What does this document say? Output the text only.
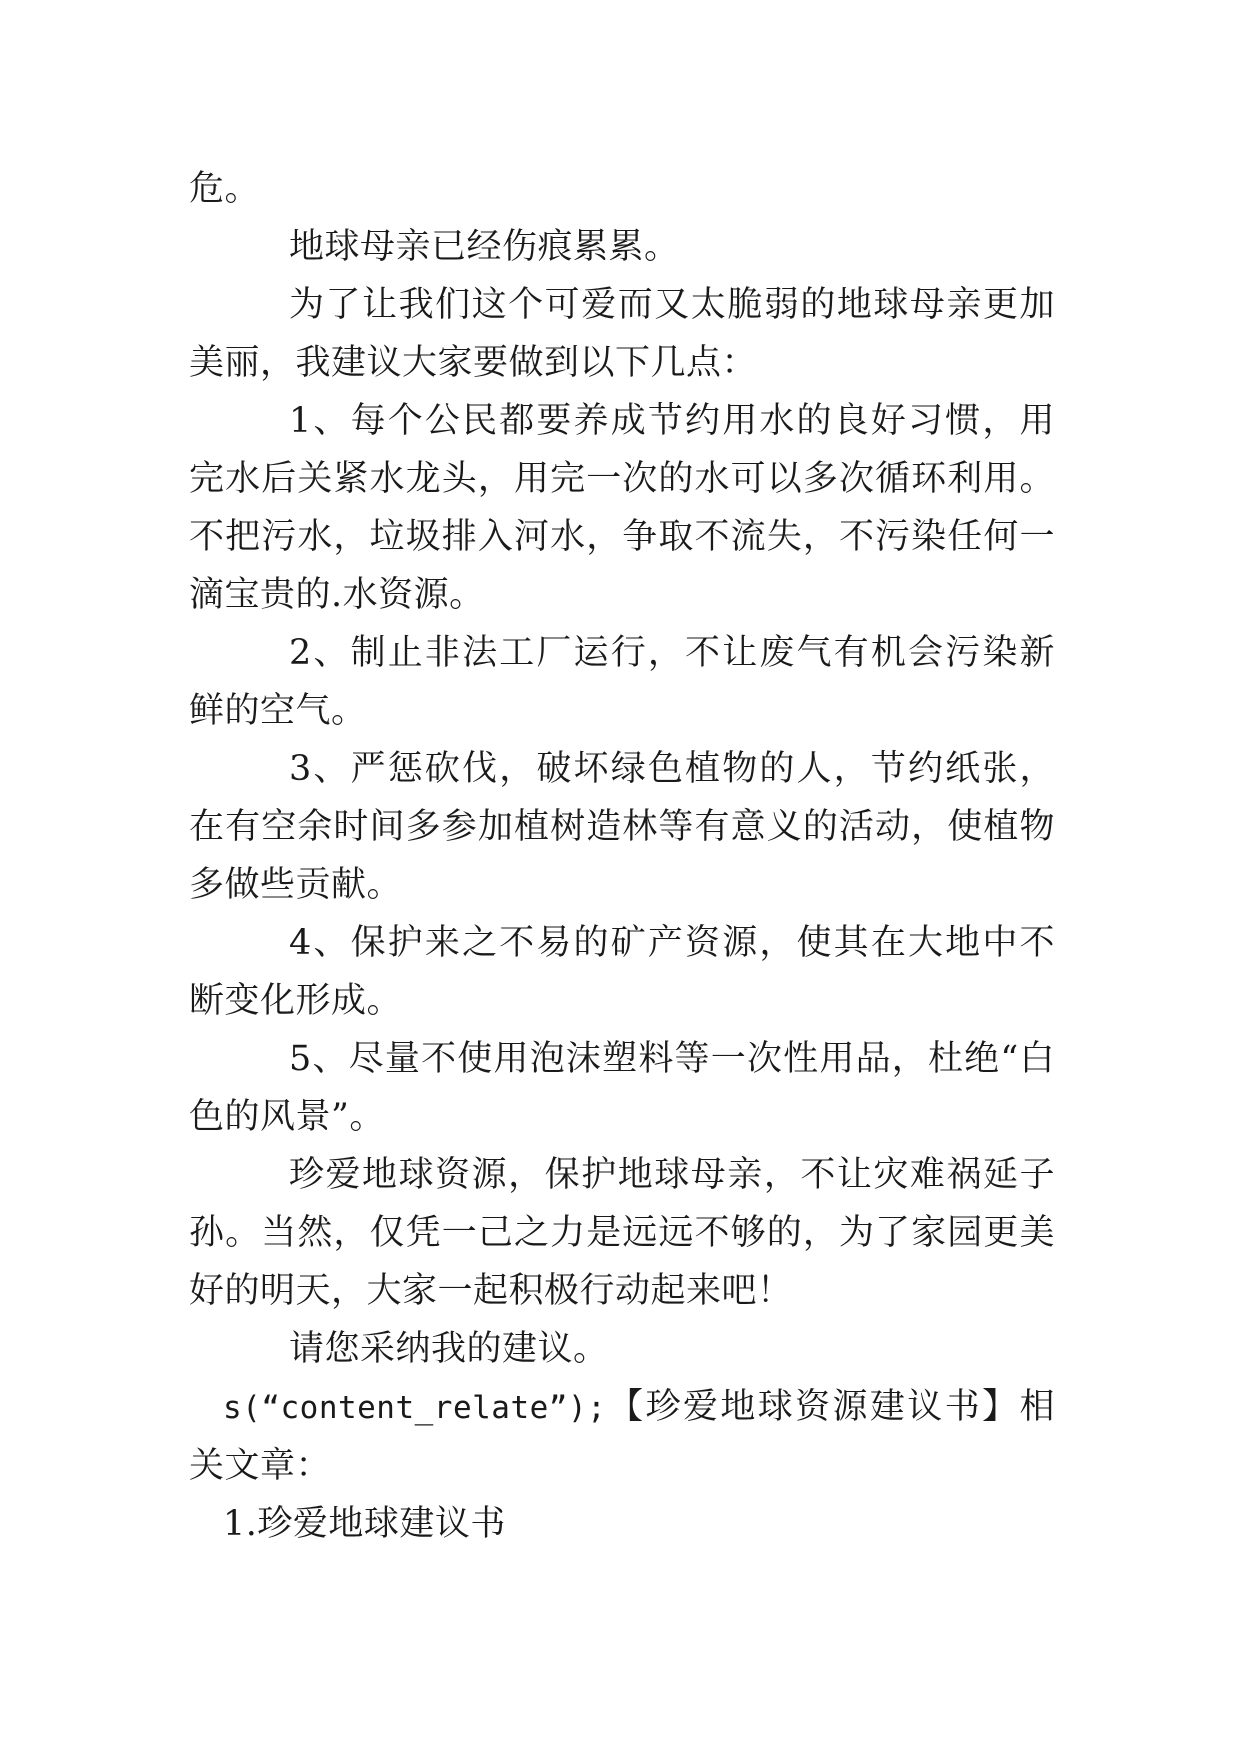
危。

地球母亲已经伤痕累累。

为了让我们这个可爱而又太脆弱的地球母亲更加美丽，我建议大家要做到以下几点：

1、每个公民都要养成节约用水的良好习惯，用完水后关紧水龙头，用完一次的水可以多次循环利用。不把污水，垃圾排入河水，争取不流失，不污染任何一滴宝贵的.水资源。

2、制止非法工厂运行，不让废气有机会污染新鲜的空气。

3、严惩砍伐，破坏绿色植物的人，节约纸张，在有空余时间多参加植树造林等有意义的活动，使植物多做些贡献。

4、保护来之不易的矿产资源，使其在大地中不断变化形成。

5、尽量不使用泡沫塑料等一次性用品，杜绝“白色的风景”。

珍爱地球资源，保护地球母亲，不让灾难祸延子孙。当然，仅凭一己之力是远远不够的，为了家园更美好的明天，大家一起积极行动起来吧！

请您采纳我的建议。

s(“content_relate”);【珍爱地球资源建议书】相关文章：

1.珍爱地球建议书
